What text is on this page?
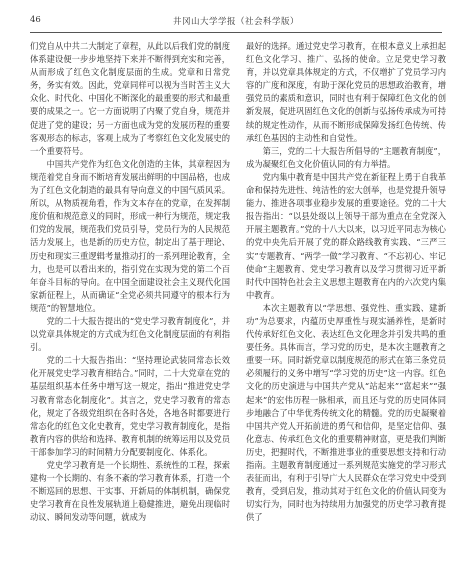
46	井冈山大学学报（社会科学版）

们党自从中共二大制定了章程，从此以后我们党的制度体系建设便一步步地坚持下来并不断得到充实和完善，从而形成了红色文化制度层面的生成。党章和日常党务，务实有效。因此，党章同样可以视为当时苦主义大众化、时代化、中国化不断深化的最重要的形式和最重要的成果之一。它一方面说明了内聚了党自身，规范并促进了党的建设；另一方面也成为党的发展历程的重要客观形态的标志，客观上成为了考察红色文化发展史的一个重要符号。

中国共产党作为红色文化创造的主体，其章程因为规范着党自身而不断培育发展出鲜明的中国品格，也成为了红色文化制造的最具有导向意义的中国气质风采。所以，从物质视角看，作为文本存在的党章，在发挥制度价值和规范意义的同时，形成一种行为规范，规定我们党的发展，规范我们党员引导，党员行为的人民规范活力发展上，也是新的历史方位，制定出了基于理论、历史和现实三重逻辑考量推动打的一系列理论教育，全力，也是可以看出来的，指引党在实现为党的第二个百年奋斗目标的导向。在中国全面建设社会主义现代化国家新征程上，从而确证“全党必须共同遵守的根本行为规范”的智慧地位。

党的二十大报告提出的“党史学习教育制度化”，并以党章具体规定的方式成为红色文化制度层面的有利指引。

党的二十大报告指出：“坚持理论武装同常态长效化开展党史学习教育相结合。”同时，二十大党章在党的基层组织基本任务中增写这一规定，指出“推进党史学习教育常态化制度化”。其言之，党史学习教育的常态化，规定了各级党组织在各时各处，各地各时都要进行常态化的红色文化史教育，党史学习教育制度化，是指教育内容的供给和选择、教育机制的统筹运用以及党员干部参加学习的时间精力分配要制度化、体系化。

党史学习教育是一个长期性、系统性的工程，探索建构一个长期的、有条不紊的学习教育体系，打造一个不断巡回的思想、干实事、开新局的体制机制，确保党史学习教育在良性发展轨道上稳健推进，避免出现临时动议、瞬间发动等问题，就成为

最好的选择。通过党史学习教育，在根本意义上承担起红色文化学习、推广、弘扬的使命。立足党史学习教育，并以党章具体规定的方式，不仅增扩了党员学习内容的广度和深度，有助于深化党员的思想政治教育，增强党员的素质和意识，同时也有利于保障红色文化的创新发展，促进巩固红色文化的创新与弘扬传承成为可持续的规定性动作，从而不断形成保障发扬红色传统、传承红色基因的主动性和自觉性。

第三，党的二十大报告所倡导的“主题教育制度”，成为凝聚红色文化价值认同的有力举措。

党内集中教育是中国共产党在新征程上勇于自我革命和保持先进性、纯洁性的宏大创举，也是党提升领导能力、推进各项事业稳步发展的重要途径。党的二十大报告指出：“以县处级以上领导干部为重点在全党深入开展主题教育。”党的十八大以来，以习近平同志为核心的党中央先后开展了党的群众路线教育实践、“三严三实”专题教育、“两学一做”学习教育、“不忘初心、牢记使命”主题教育、党史学习教育以及学习贯彻习近平新时代中国特色社会主义思想主题教育在内的六次党内集中教育。

本次主题教育以“学思想、强党性、重实践、建新功”为总要求，内蕴历史厚重性与现实涵养性，是新时代传承好红色文化、表达红色文化理念并引发共鸣的重要任务。具体而言，学习党的历史，是本次主题教育之重要一环。同时新党章以制度规范的形式在第三条党员必须履行的义务中增写“学习党的历史”这一内容。红色文化的历史演进与中国共产党从“站起来”“富起来”“强起来”的宏伟历程一脉相承，而且还与党的历史同体同步地融合了中华优秀传统文化的精髓。党的历史凝聚着中国共产党人开拓前进的勇气和信仰，是坚定信仰、强化意志、传承红色文化的重要精神财富，更是我们判断历史，把握时代，不断推进事业的重要思想支持和行动指南。主题教育制度通过一系列规范实施党的学习形式表征而出，有利于引导广大人民群众在学习党史中受到教育，受到启发，推动其对于红色文化的价值认同变为切实行为，同时也为持续用力加强党的历史学习教育提供了
